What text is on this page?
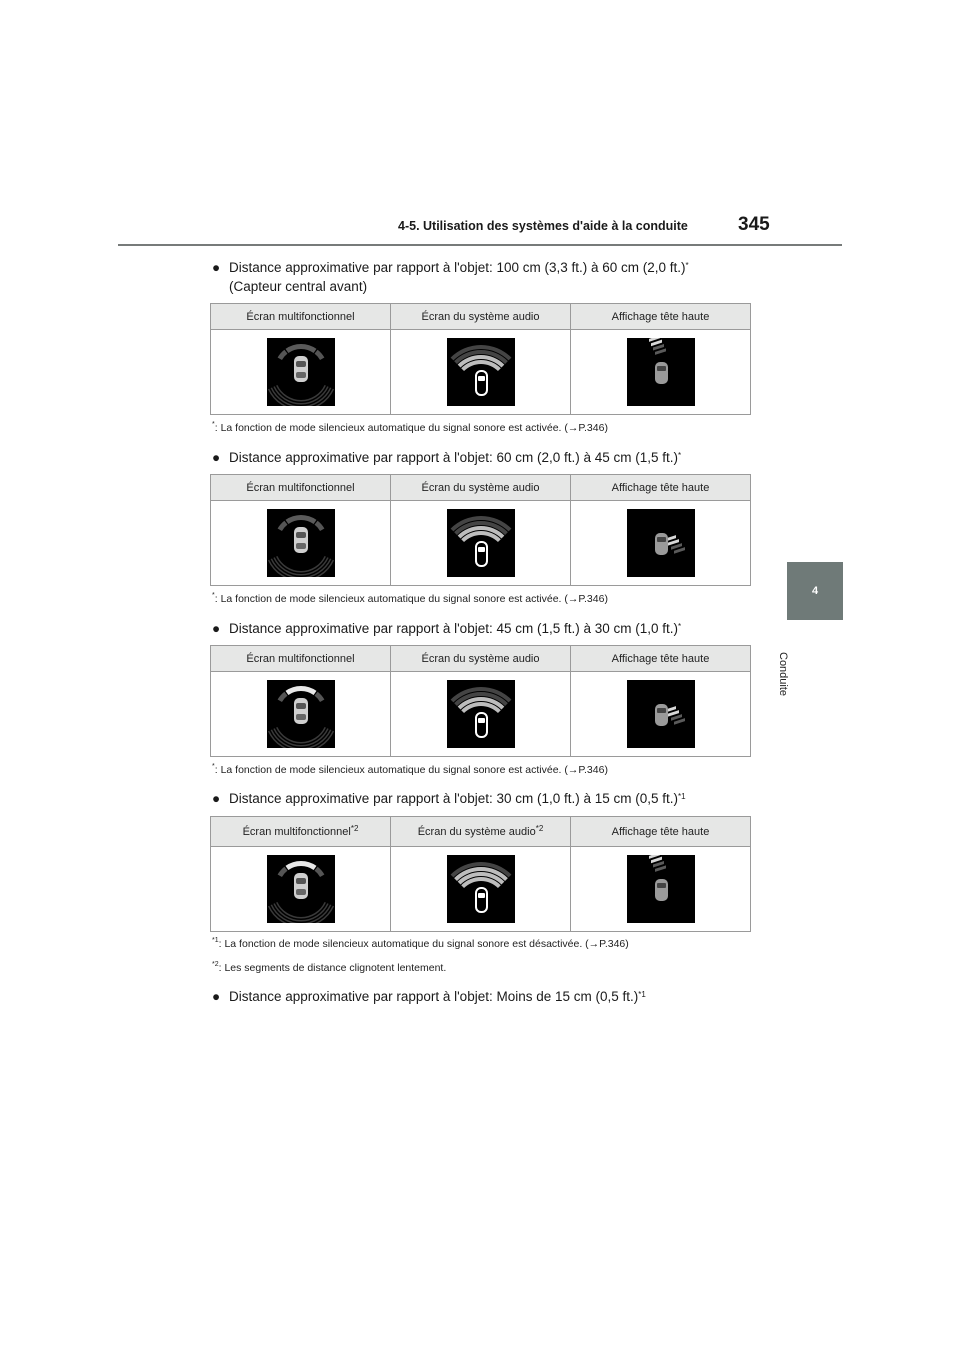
4-5. Utilisation des systèmes d'aide à la conduite	345
4
Conduite
● Distance approximative par rapport à l'objet: 100 cm (3,3 ft.) à 60 cm (2,0 ft.)*
(Capteur central avant)
Écran multifonctionnel	Écran du système audio	Affichage tête haute

*: La fonction de mode silencieux automatique du signal sonore est activée. (→P.346)
● Distance approximative par rapport à l'objet: 60 cm (2,0 ft.) à 45 cm (1,5 ft.)*
Écran multifonctionnel	Écran du système audio	Affichage tête haute

*: La fonction de mode silencieux automatique du signal sonore est activée. (→P.346)
● Distance approximative par rapport à l'objet: 45 cm (1,5 ft.) à 30 cm (1,0 ft.)*
Écran multifonctionnel	Écran du système audio	Affichage tête haute

*: La fonction de mode silencieux automatique du signal sonore est activée. (→P.346)
● Distance approximative par rapport à l'objet: 30 cm (1,0 ft.) à 15 cm (0,5 ft.)$^{*1}$
Écran multifonctionnel$^{*2}$	Écran du système audio$^{*2}$	Affichage tête haute

$^{*1}$: La fonction de mode silencieux automatique du signal sonore est désactivée. (→P.346)
$^{*2}$: Les segments de distance clignotent lentement.
● Distance approximative par rapport à l'objet: Moins de 15 cm (0,5 ft.)$^{*1}$
